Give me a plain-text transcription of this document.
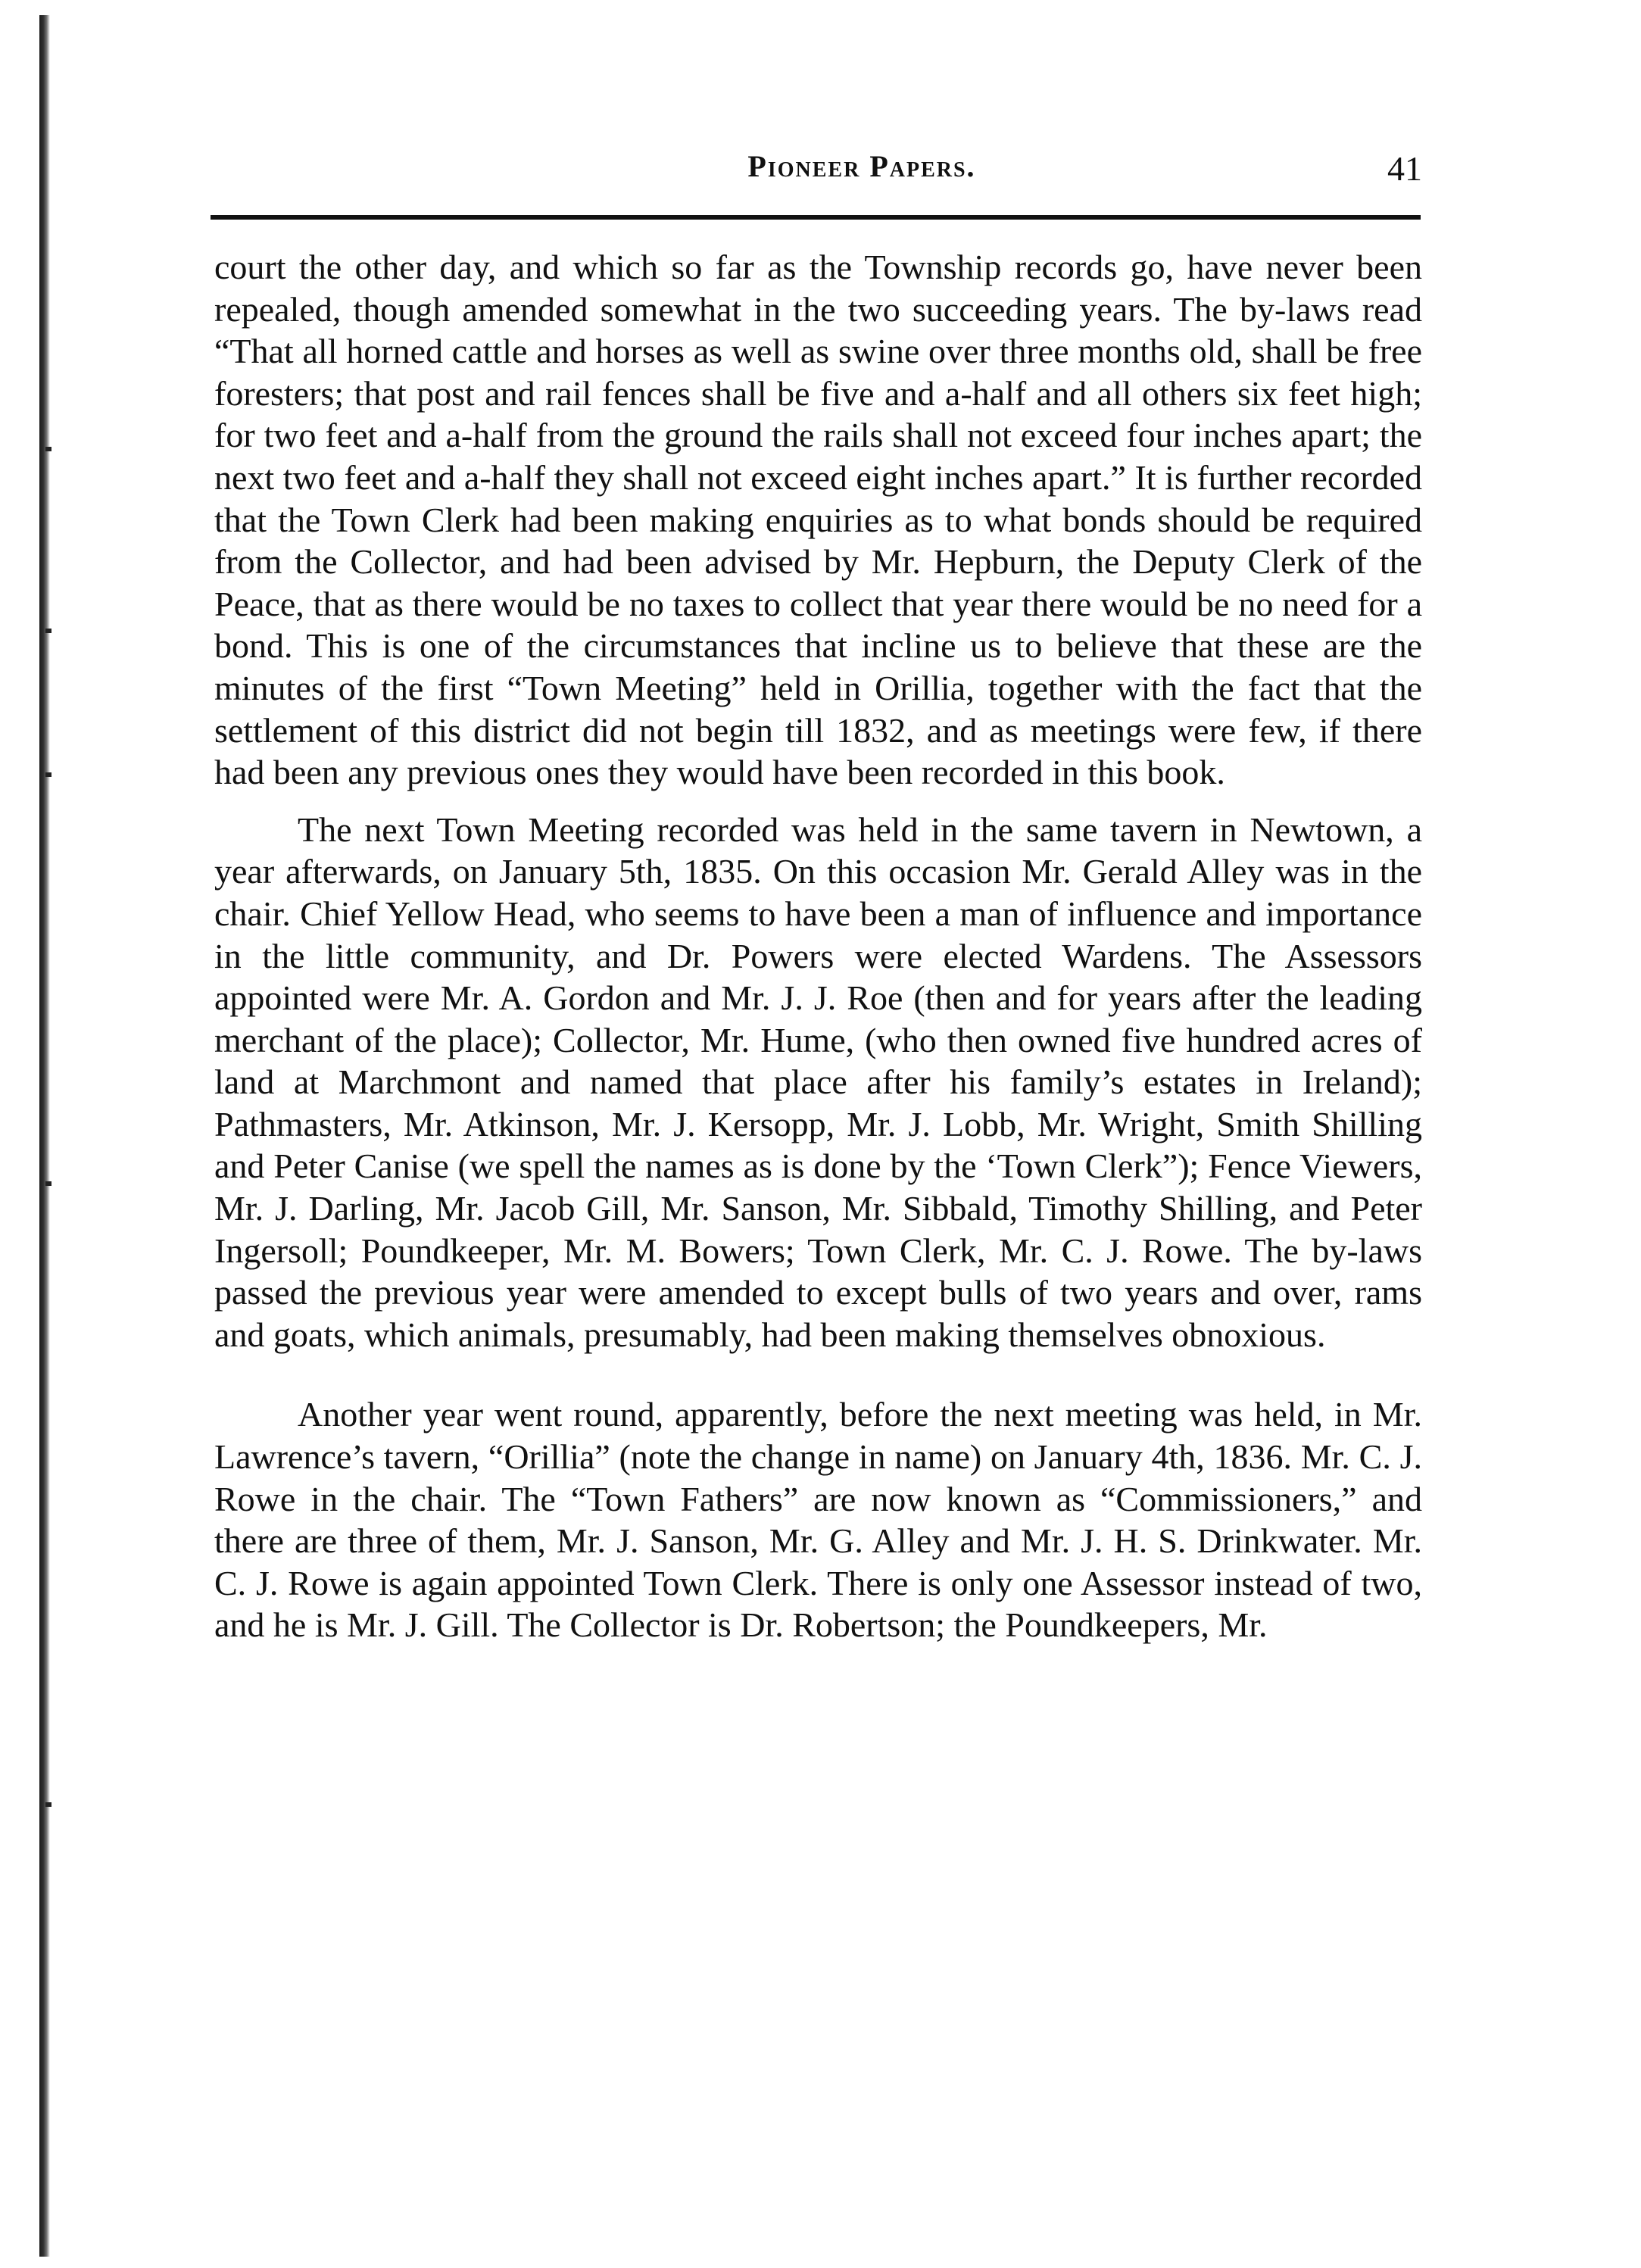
Pioneer Papers.	41

court the other day, and which so far as the Township records go, have never been repealed, though amended somewhat in the two succeeding years. The by-laws read “That all horned cattle and horses as well as swine over three months old, shall be free foresters; that post and rail fences shall be five and a-half and all others six feet high; for two feet and a-half from the ground the rails shall not exceed four inches apart; the next two feet and a-half they shall not exceed eight inches apart.” It is further recorded that the Town Clerk had been making enquiries as to what bonds should be required from the Collector, and had been advised by Mr. Hepburn, the Deputy Clerk of the Peace, that as there would be no taxes to collect that year there would be no need for a bond. This is one of the circumstances that incline us to believe that these are the minutes of the first “Town Meeting” held in Orillia, together with the fact that the settlement of this district did not begin till 1832, and as meetings were few, if there had been any previous ones they would have been recorded in this book.

The next Town Meeting recorded was held in the same tavern in Newtown, a year afterwards, on January 5th, 1835. On this occasion Mr. Gerald Alley was in the chair. Chief Yellow Head, who seems to have been a man of influence and importance in the little community, and Dr. Powers were elected Wardens. The Assessors appointed were Mr. A. Gordon and Mr. J. J. Roe (then and for years after the leading merchant of the place); Collector, Mr. Hume, (who then owned five hundred acres of land at Marchmont and named that place after his family’s estates in Ireland); Pathmasters, Mr. Atkinson, Mr. J. Kersopp, Mr. J. Lobb, Mr. Wright, Smith Shilling and Peter Canise (we spell the names as is done by the ‘Town Clerk”); Fence Viewers, Mr. J. Darling, Mr. Jacob Gill, Mr. Sanson, Mr. Sibbald, Timothy Shilling, and Peter Ingersoll; Poundkeeper, Mr. M. Bowers; Town Clerk, Mr. C. J. Rowe. The by-laws passed the previous year were amended to except bulls of two years and over, rams and goats, which animals, presumably, had been making themselves obnoxious.

Another year went round, apparently, before the next meeting was held, in Mr. Lawrence’s tavern, “Orillia” (note the change in name) on January 4th, 1836. Mr. C. J. Rowe in the chair. The “Town Fathers” are now known as “Commissioners,” and there are three of them, Mr. J. Sanson, Mr. G. Alley and Mr. J. H. S. Drinkwater. Mr. C. J. Rowe is again appointed Town Clerk. There is only one Assessor instead of two, and he is Mr. J. Gill. The Collector is Dr. Robertson; the Poundkeepers, Mr.
